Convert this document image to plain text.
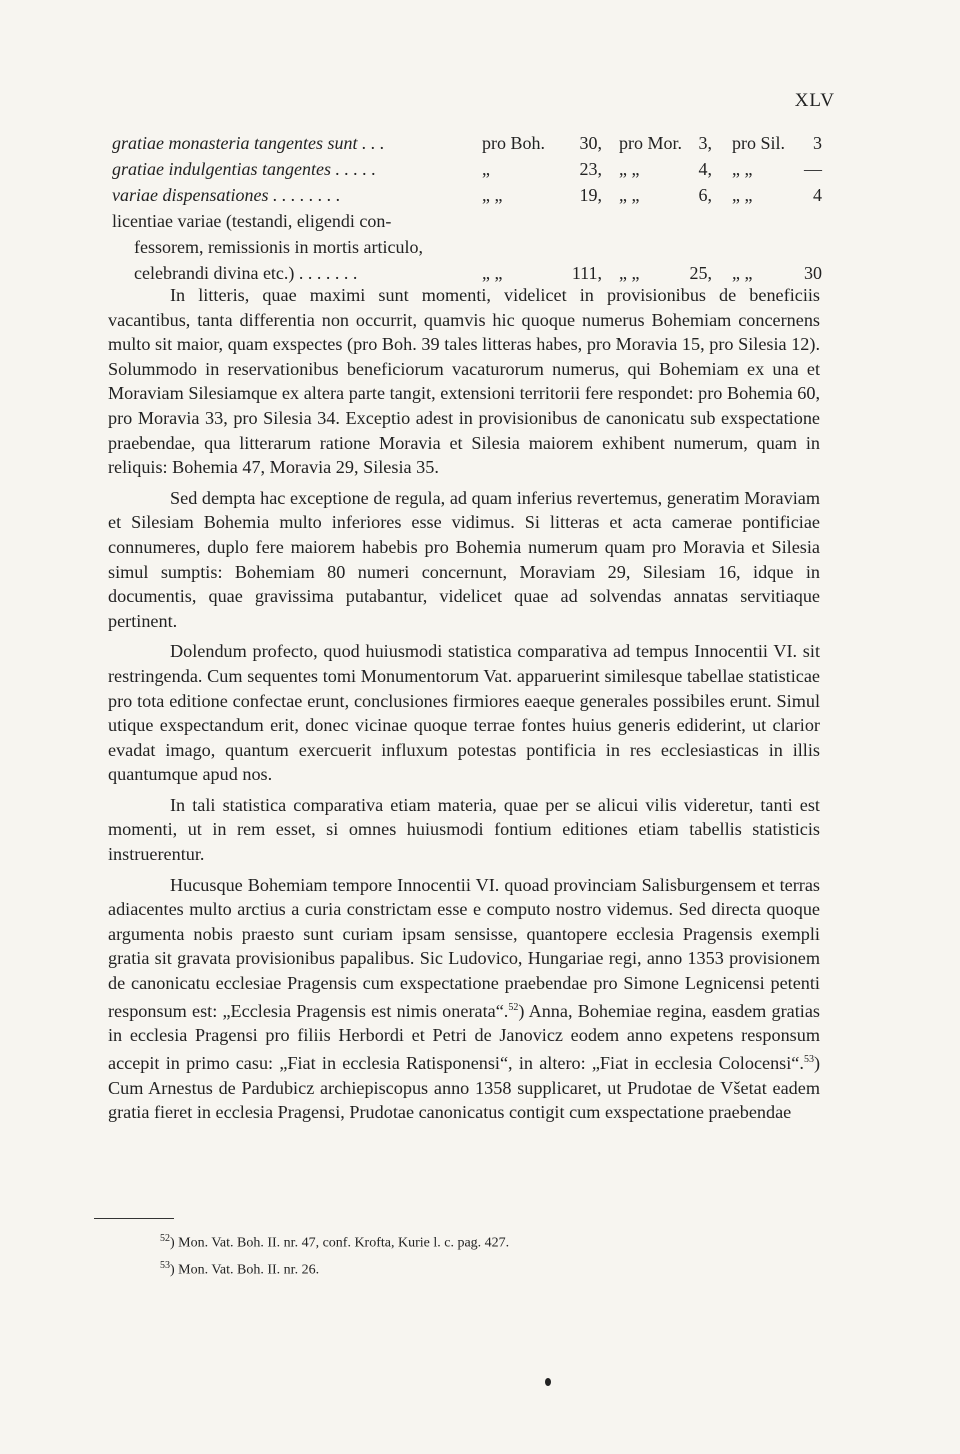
XLV
gratiae monasteria tangentes sunt . . .	pro Boh.	30, pro Mor. 3, pro Sil.	3
gratiae indulgentias tangentes . . . . .	„	23, „ „	4, „ „	—
variae dispensationes . . . . . . . .	„ „	19, „ „	6, „ „	4
licentiae variae (testandi, eligendi con-
fessorem, remissionis in mortis articulo,
celebrandi divina etc.) . . . . . . .	„ „	111, „ „	25, „ „	30

In litteris, quae maximi sunt momenti, videlicet in provisionibus de beneficiis vacantibus, tanta differentia non occurrit, quamvis hic quoque numerus Bohemiam concernens multo sit maior, quam exspectes (pro Boh. 39 tales litteras habes, pro Moravia 15, pro Silesia 12). Solummodo in reservationibus beneficiorum vacaturorum numerus, qui Bohemiam ex una et Moraviam Silesiamque ex altera parte tangit, extensioni territorii fere respondet: pro Bohemia 60, pro Moravia 33, pro Silesia 34. Exceptio adest in provisionibus de canonicatu sub exspectatione praebendae, qua litterarum ratione Moravia et Silesia maiorem exhibent numerum, quam in reliquis: Bohemia 47, Moravia 29, Silesia 35.

Sed dempta hac exceptione de regula, ad quam inferius revertemus, generatim Moraviam et Silesiam Bohemia multo inferiores esse vidimus. Si litteras et acta camerae pontificiae connumeres, duplo fere maiorem habebis pro Bohemia numerum quam pro Moravia et Silesia simul sumptis: Bohemiam 80 numeri concernunt, Moraviam 29, Silesiam 16, idque in documentis, quae gravissima putabantur, videlicet quae ad solvendas annatas servitiaque pertinent.

Dolendum profecto, quod huiusmodi statistica comparativa ad tempus Innocentii VI. sit restringenda. Cum sequentes tomi Monumentorum Vat. apparuerint similesque tabellae statisticae pro tota editione confectae erunt, conclusiones firmiores eaeque generales possibiles erunt. Simul utique exspectandum erit, donec vicinae quoque terrae fontes huius generis ediderint, ut clarior evadat imago, quantum exercuerit influxum potestas pontificia in res ecclesiasticas in illis quantumque apud nos.

In tali statistica comparativa etiam materia, quae per se alicui vilis videretur, tanti est momenti, ut in rem esset, si omnes huiusmodi fontium editiones etiam tabellis statisticis instruerentur.

Hucusque Bohemiam tempore Innocentii VI. quoad provinciam Salisburgensem et terras adiacentes multo arctius a curia constrictam esse e computo nostro videmus. Sed directa quoque argumenta nobis praesto sunt curiam ipsam sensisse, quantopere ecclesia Pragensis exempli gratia sit gravata provisionibus papalibus. Sic Ludovico, Hungariae regi, anno 1353 provisionem de canonicatu ecclesiae Pragensis cum exspectatione praebendae pro Simone Legnicensi petenti responsum est: „Ecclesia Pragensis est nimis onerata“.$^{52}$) Anna, Bohemiae regina, easdem gratias in ecclesia Pragensi pro filiis Herbordi et Petri de Janovicz eodem anno expetens responsum accepit in primo casu: „Fiat in ecclesia Ratisponensi“, in altero: „Fiat in ecclesia Colocensi“.$^{53}$) Cum Arnestus de Pardubicz archiepiscopus anno 1358 supplicaret, ut Prudotae de Všetat eadem gratia fieret in ecclesia Pragensi, Prudotae canonicatus contigit cum exspectatione praebendae

$^{52}$) Mon. Vat. Boh. II. nr. 47, conf. Krofta, Kurie l. c. pag. 427.
$^{53}$) Mon. Vat. Boh. II. nr. 26.
